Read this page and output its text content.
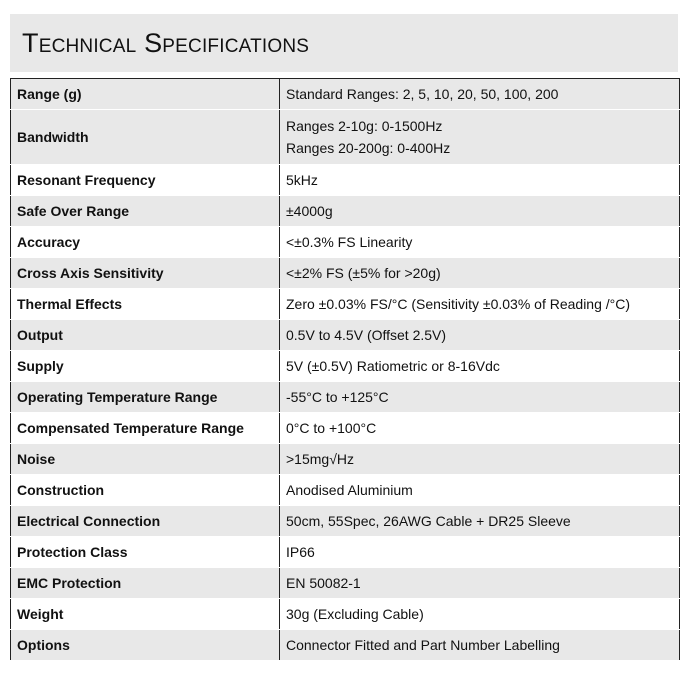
Technical Specifications
Range (g)	Standard Ranges: 2, 5, 10, 20, 50, 100, 200
Bandwidth	Ranges 2-10g: 0-1500Hz
Ranges 20-200g: 0-400Hz

Resonant Frequency	5kHz
Safe Over Range	±4000g
Accuracy	<±0.3% FS Linearity
Cross Axis Sensitivity	<±2% FS (±5% for >20g)
Thermal Effects	Zero ±0.03% FS/°C (Sensitivity ±0.03% of Reading /°C)
Output	0.5V to 4.5V (Offset 2.5V)
Supply	5V (±0.5V) Ratiometric or 8-16Vdc
Operating Temperature Range	-55°C to +125°C
Compensated Temperature Range	0°C to +100°C
Noise	>15mg√Hz
Construction	Anodised Aluminium
Electrical Connection	50cm, 55Spec, 26AWG Cable + DR25 Sleeve
Protection Class	IP66
EMC Protection	EN 50082-1
Weight	30g (Excluding Cable)
Options	Connector Fitted and Part Number Labelling
